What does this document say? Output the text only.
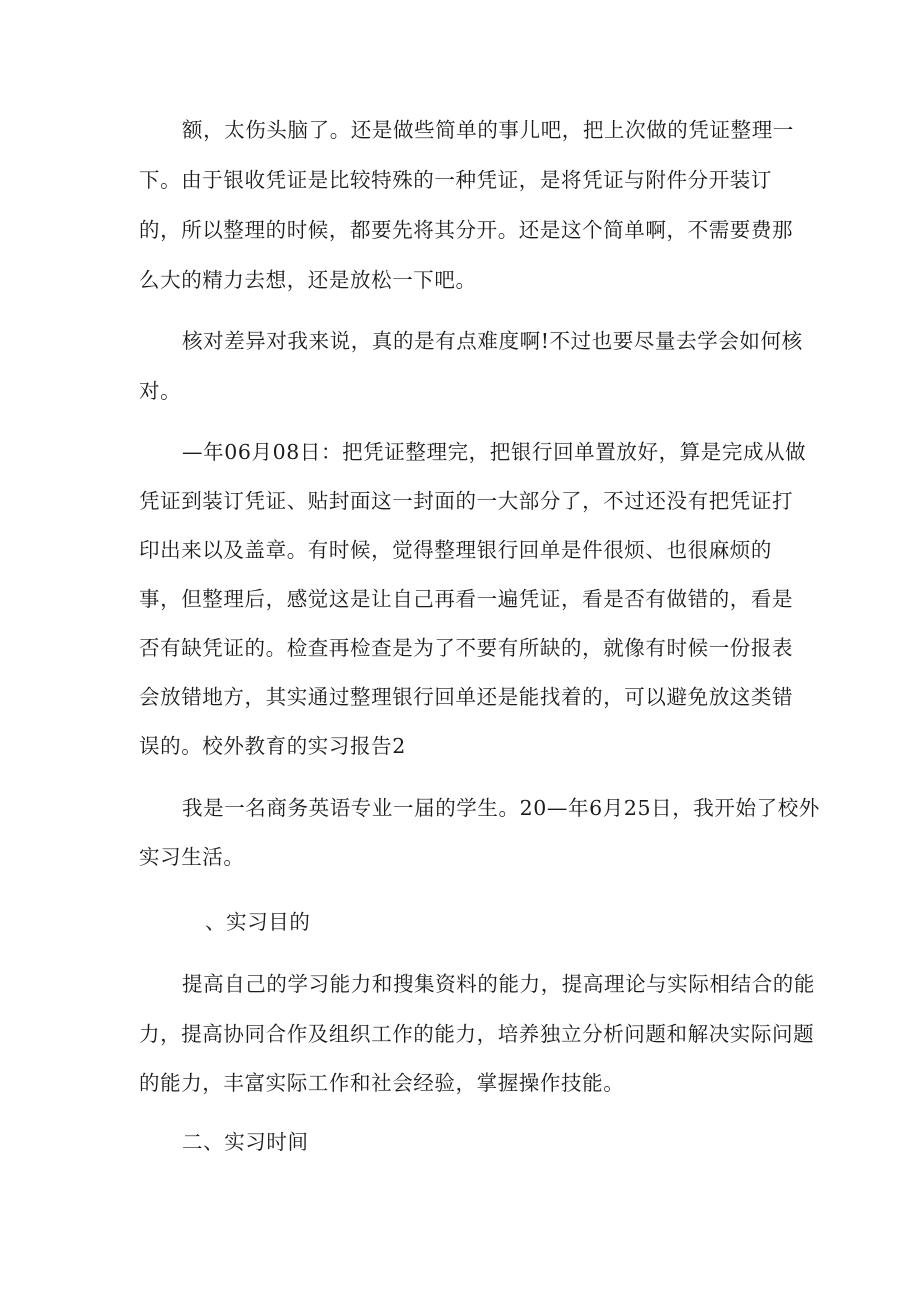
额，太伤头脑了。还是做些简单的事儿吧，把上次做的凭证整理一
下。由于银收凭证是比较特殊的一种凭证，是将凭证与附件分开装订
的，所以整理的时候，都要先将其分开。还是这个简单啊，不需要费那
么大的精力去想，还是放松一下吧。
核对差异对我来说，真的是有点难度啊!不过也要尽量去学会如何核
对。
—年06月08日：把凭证整理完，把银行回单置放好，算是完成从做
凭证到装订凭证、贴封面这一封面的一大部分了，不过还没有把凭证打
印出来以及盖章。有时候，觉得整理银行回单是件很烦、也很麻烦的
事，但整理后，感觉这是让自己再看一遍凭证，看是否有做错的，看是
否有缺凭证的。检查再检查是为了不要有所缺的，就像有时候一份报表
会放错地方，其实通过整理银行回单还是能找着的，可以避免放这类错
误的。校外教育的实习报告2
我是一名商务英语专业一届的学生。20—年6月25日，我开始了校外
实习生活。
、实习目的
提高自己的学习能力和搜集资料的能力，提高理论与实际相结合的能
力，提高协同合作及组织工作的能力，培养独立分析问题和解决实际问题
的能力，丰富实际工作和社会经验，掌握操作技能。
二、实习时间
